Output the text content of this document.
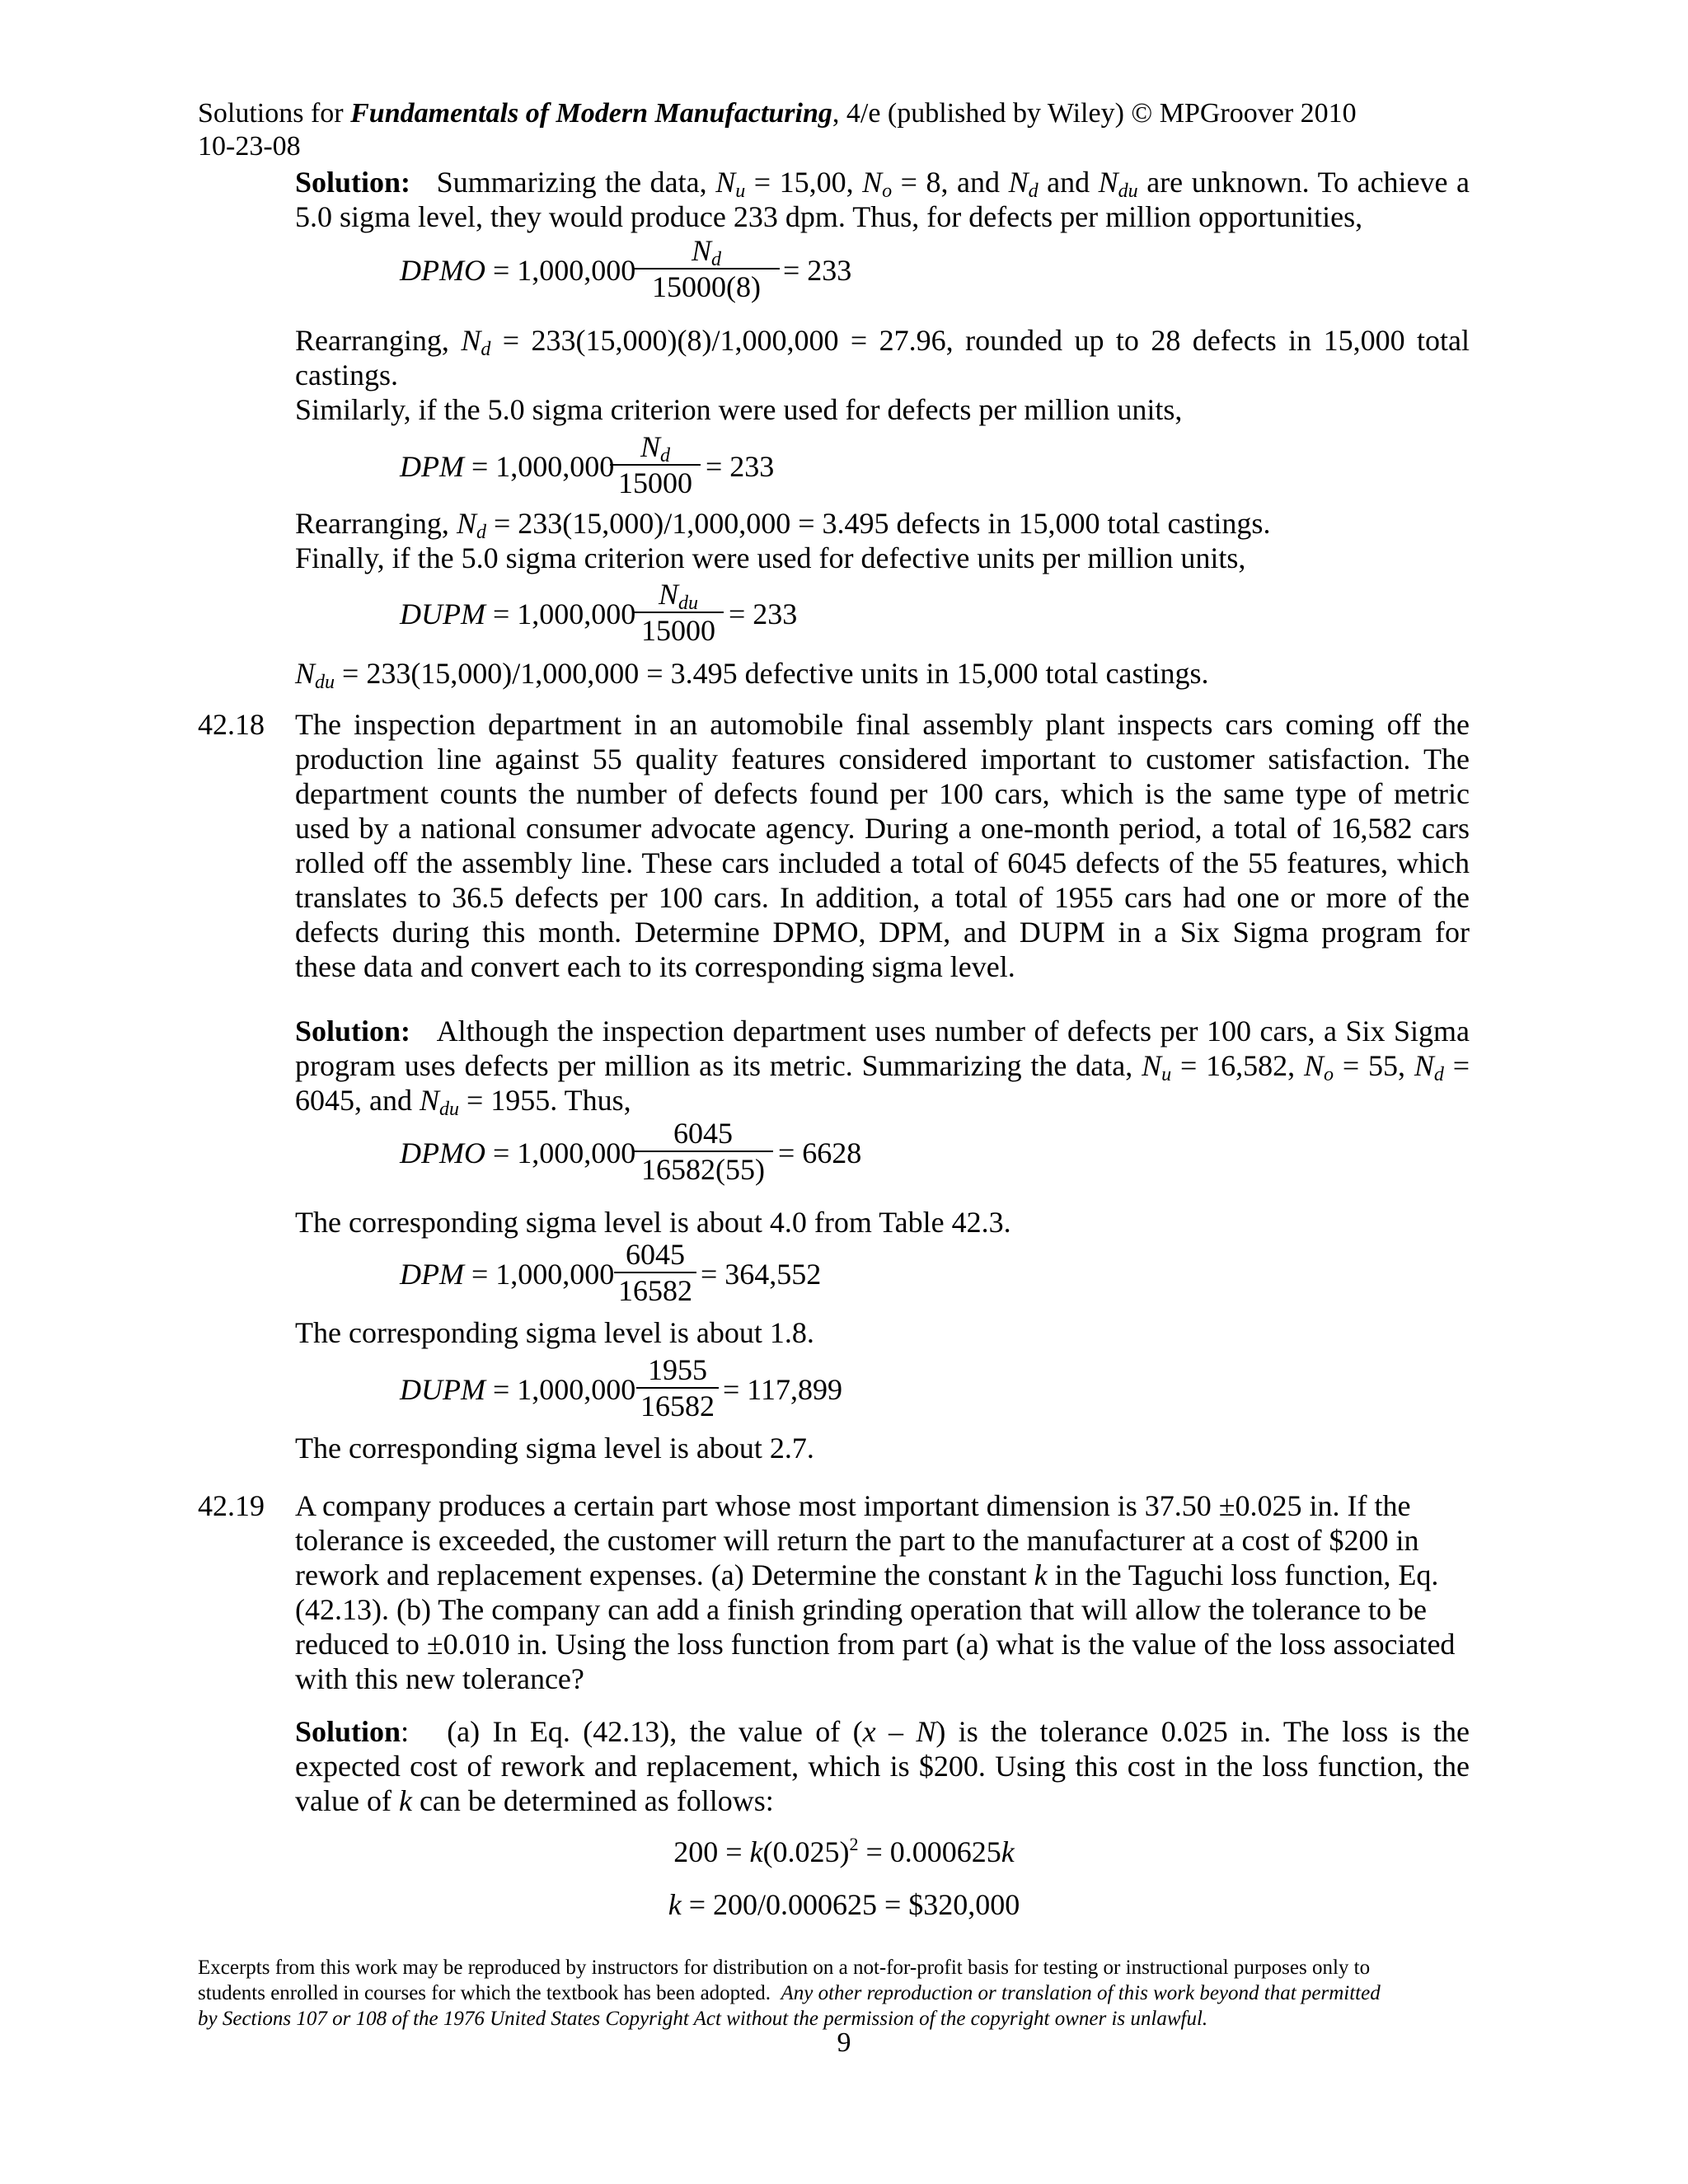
Solutions for Fundamentals of Modern Manufacturing, 4/e (published by Wiley) © MPGroover 2010
10-23-08
Solution:   Summarizing the data, $N_u = 15,00$, $N_o = 8$, and $N_d$ and $N_{du}$ are unknown. To achieve a
5.0 sigma level, they would produce 233 dpm. Thus, for defects per million opportunities,
DPMO = 1,000,000
$N_d$
15000(8) = 233
Rearranging, $N_d = 233(15,000)(8)/1,000,000 = 27.96$, rounded up to 28 defects in 15,000 total
castings.
Similarly, if the 5.0 sigma criterion were used for defects per million units,
DPM = 1,000,000
$N_d$
15000 = 233
Rearranging, $N_d = 233(15,000)/1,000,000 = 3.495$ defects in 15,000 total castings.
Finally, if the 5.0 sigma criterion were used for defective units per million units,
DUPM = 1,000,000
$N_{du}$
15000 = 233
$N_{du} = 233(15,000)/1,000,000 = 3.495$ defective units in 15,000 total castings.
42.18 The inspection department in an automobile final assembly plant inspects cars coming off the
production line against 55 quality features considered important to customer satisfaction. The
department counts the number of defects found per 100 cars, which is the same type of metric
used by a national consumer advocate agency. During a one-month period, a total of 16,582 cars
rolled off the assembly line. These cars included a total of 6045 defects of the 55 features, which
translates to 36.5 defects per 100 cars. In addition, a total of 1955 cars had one or more of the
defects during this month. Determine DPMO, DPM, and DUPM in a Six Sigma program for
these data and convert each to its corresponding sigma level.
Solution: Although the inspection department uses number of defects per 100 cars, a Six Sigma
program uses defects per million as its metric. Summarizing the data, $N_u = 16,582$, $N_o = 55$, $N_d$ =
6045, and $N_{du} = 1955$. Thus,
DPMO = 1,000,000
6045
16582(55) = 6628
The corresponding sigma level is about 4.0 from Table 42.3.
DPM = 1,000,000
6045
16582 = 364,552
The corresponding sigma level is about 1.8.
DUPM = 1,000,000
1955
16582 = 117,899
The corresponding sigma level is about 2.7.
42.19 A company produces a certain part whose most important dimension is 37.50 ±0.025 in. If the
tolerance is exceeded, the customer will return the part to the manufacturer at a cost of $200 in
rework and replacement expenses. (a) Determine the constant k in the Taguchi loss function, Eq.
(42.13). (b) The company can add a finish grinding operation that will allow the tolerance to be
reduced to ±0.010 in. Using the loss function from part (a) what is the value of the loss associated
with this new tolerance?
Solution:   (a) In Eq. (42.13), the value of (x – N) is the tolerance 0.025 in. The loss is the
expected cost of rework and replacement, which is $200. Using this cost in the loss function, the
value of k can be determined as follows:
$200 = k(0.025)^2 = 0.000625k$
k = 200/0.000625 = $320,000
Excerpts from this work may be reproduced by instructors for distribution on a not-for-profit basis for testing or instructional purposes only to
students enrolled in courses for which the textbook has been adopted. Any other reproduction or translation of this work beyond that permitted
by Sections 107 or 108 of the 1976 United States Copyright Act without the permission of the copyright owner is unlawful.
9
